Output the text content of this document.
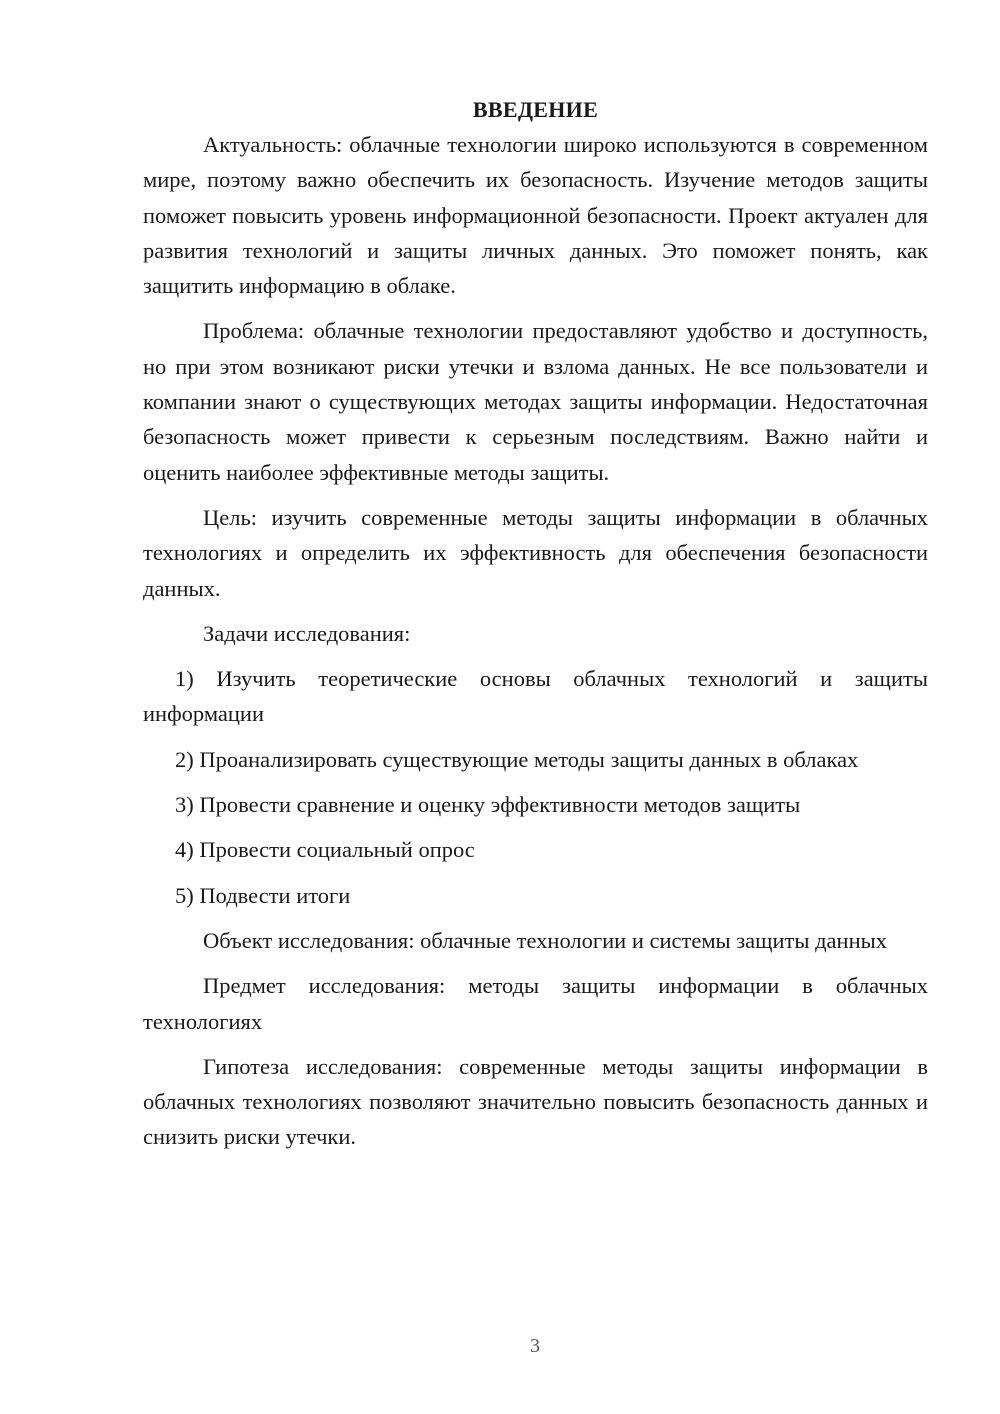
ВВЕДЕНИЕ

Актуальность: облачные технологии широко используются в современном мире, поэтому важно обеспечить их безопасность. Изучение методов защиты поможет повысить уровень информационной безопасности. Проект актуален для развития технологий и защиты личных данных. Это поможет понять, как защитить информацию в облаке.

Проблема: облачные технологии предоставляют удобство и доступность, но при этом возникают риски утечки и взлома данных. Не все пользователи и компании знают о существующих методах защиты информации. Недостаточная безопасность может привести к серьезным последствиям. Важно найти и оценить наиболее эффективные методы защиты.

Цель: изучить современные методы защиты информации в облачных технологиях и определить их эффективность для обеспечения безопасности данных.

Задачи исследования:

1) Изучить теоретические основы облачных технологий и защиты информации

2) Проанализировать существующие методы защиты данных в облаках

3) Провести сравнение и оценку эффективности методов защиты

4) Провести социальный опрос

5) Подвести итоги

Объект исследования: облачные технологии и системы защиты данных

Предмет исследования: методы защиты информации в облачных технологиях

Гипотеза исследования: современные методы защиты информации в облачных технологиях позволяют значительно повысить безопасность данных и снизить риски утечки.

3
